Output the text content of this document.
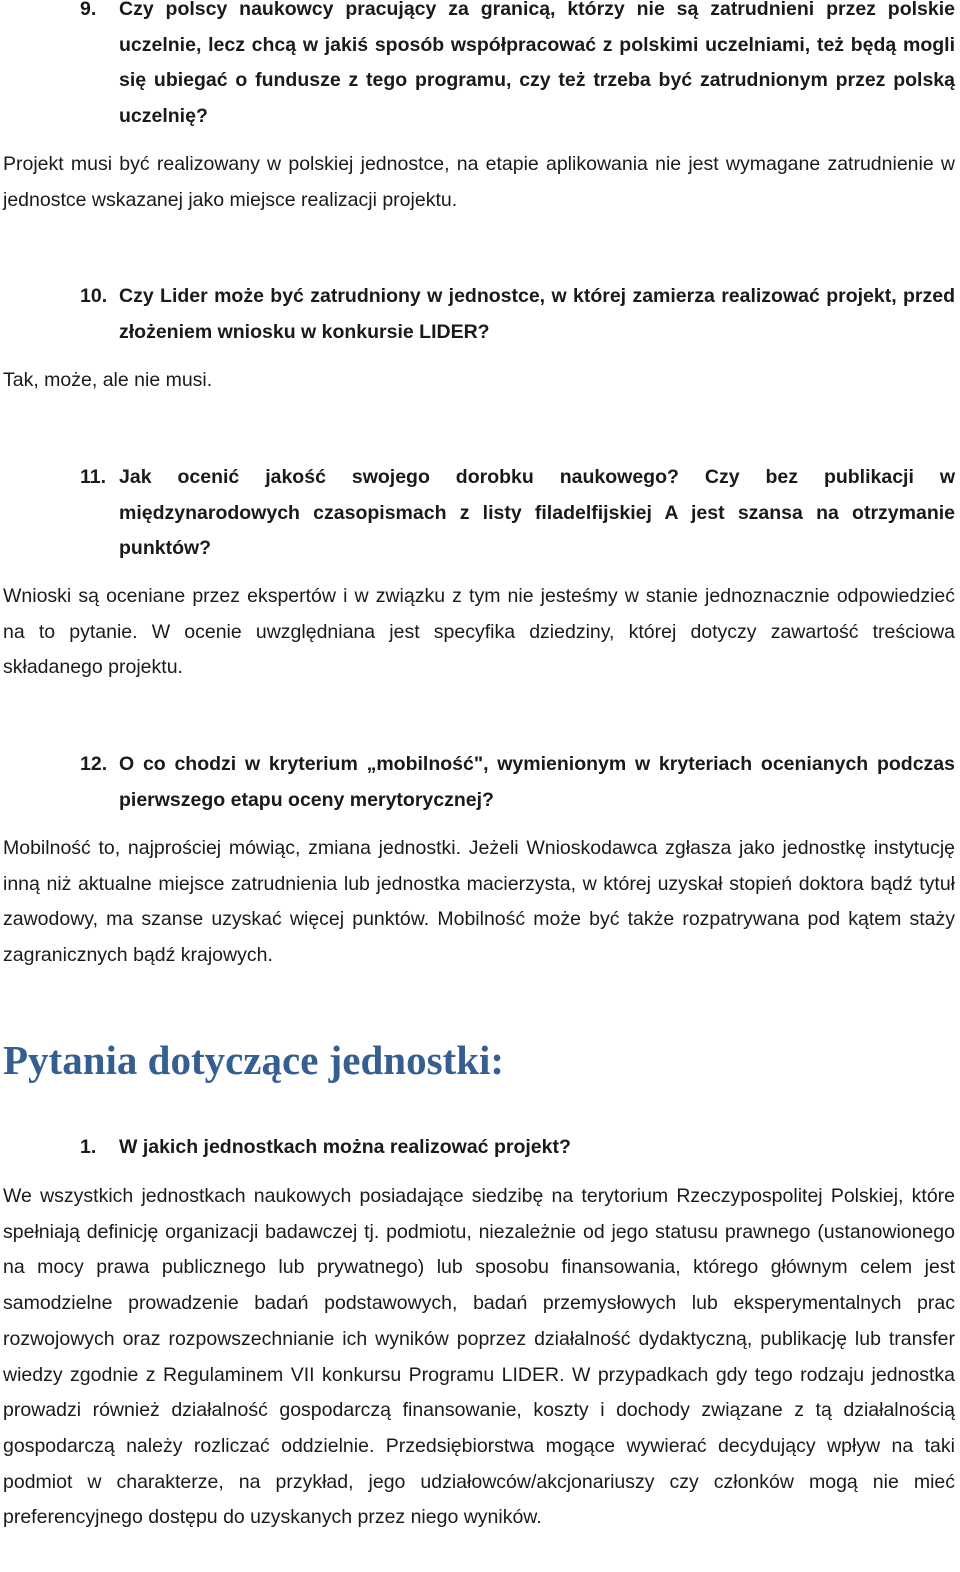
9. Czy polscy naukowcy pracujący za granicą, którzy nie są zatrudnieni przez polskie uczelnie, lecz chcą w jakiś sposób współpracować z polskimi uczelniami, też będą mogli się ubiegać o fundusze z tego programu, czy też trzeba być zatrudnionym przez polską uczelnię?
Projekt musi być realizowany w polskiej jednostce, na etapie aplikowania nie jest wymagane zatrudnienie w jednostce wskazanej jako miejsce realizacji projektu.
10. Czy Lider może być zatrudniony w jednostce, w której zamierza realizować projekt, przed złożeniem wniosku w konkursie LIDER?
Tak, może, ale nie musi.
11. Jak ocenić jakość swojego dorobku naukowego? Czy bez publikacji w międzynarodowych czasopismach z listy filadelfijskiej A jest szansa na otrzymanie punktów?
Wnioski są oceniane przez ekspertów i w związku z tym nie jesteśmy w stanie jednoznacznie odpowiedzieć na to pytanie. W ocenie uwzględniana jest specyfika dziedziny, której dotyczy zawartość treściowa składanego projektu.
12. O co chodzi w kryterium „mobilność", wymienionym w kryteriach ocenianych podczas pierwszego etapu oceny merytorycznej?
Mobilność to, najprościej mówiąc, zmiana jednostki. Jeżeli Wnioskodawca zgłasza jako jednostkę instytucję inną niż aktualne miejsce zatrudnienia lub jednostka macierzysta, w której uzyskał stopień doktora bądź tytuł zawodowy, ma szanse uzyskać więcej punktów. Mobilność może być także rozpatrywana pod kątem staży zagranicznych bądź krajowych.
Pytania dotyczące jednostki:
1. W jakich jednostkach można realizować projekt?
We wszystkich jednostkach naukowych posiadające siedzibę na terytorium Rzeczypospolitej Polskiej, które spełniają definicję organizacji badawczej tj. podmiotu, niezależnie od jego statusu prawnego (ustanowionego na mocy prawa publicznego lub prywatnego) lub sposobu finansowania, którego głównym celem jest samodzielne prowadzenie badań podstawowych, badań przemysłowych lub eksperymentalnych prac rozwojowych oraz rozpowszechnianie ich wyników poprzez działalność dydaktyczną, publikację lub transfer wiedzy zgodnie z Regulaminem VII konkursu Programu LIDER. W przypadkach gdy tego rodzaju jednostka prowadzi również działalność gospodarczą finansowanie, koszty i dochody związane z tą działalnością gospodarczą należy rozliczać oddzielnie. Przedsiębiorstwa mogące wywierać decydujący wpływ na taki podmiot w charakterze, na przykład, jego udziałowców/akcjonariuszy czy członków mogą nie mieć preferencyjnego dostępu do uzyskanych przez niego wyników.
